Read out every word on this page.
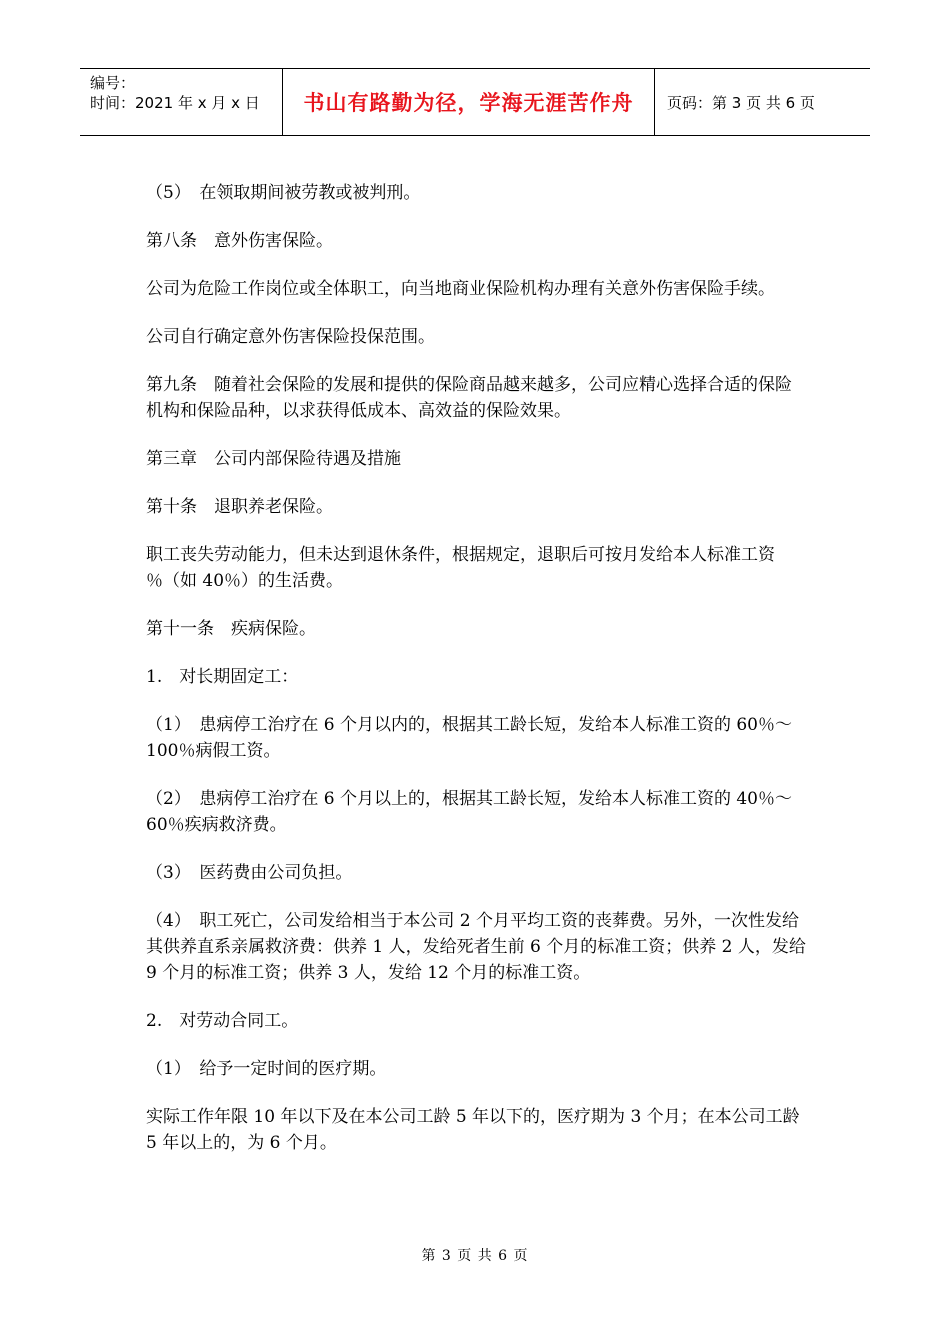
编号：
时间：2021 年 x 月 x 日	书山有路勤为径，学海无涯苦作舟	页码：第 3 页 共 6 页

（5）　在领取期间被劳教或被判刑。

第八条　意外伤害保险。

公司为危险工作岗位或全体职工，向当地商业保险机构办理有关意外伤害保险手续。

公司自行确定意外伤害保险投保范围。

第九条　随着社会保险的发展和提供的保险商品越来越多，公司应精心选择合适的保险机构和保险品种，以求获得低成本、高效益的保险效果。

第三章　公司内部保险待遇及措施

第十条　退职养老保险。

职工丧失劳动能力，但未达到退休条件，根据规定，退职后可按月发给本人标准工资　％（如 40％）的生活费。

第十一条　疾病保险。

1.　对长期固定工：

（1）　患病停工治疗在 6 个月以内的，根据其工龄长短，发给本人标准工资的 60％～100％病假工资。

（2）　患病停工治疗在 6 个月以上的，根据其工龄长短，发给本人标准工资的 40％～60％疾病救济费。

（3）　医药费由公司负担。

（4）　职工死亡，公司发给相当于本公司 2 个月平均工资的丧葬费。另外，一次性发给其供养直系亲属救济费：供养 1 人，发给死者生前 6 个月的标准工资；供养 2 人，发给 9 个月的标准工资；供养 3 人，发给 12 个月的标准工资。

2.　对劳动合同工。

（1）　给予一定时间的医疗期。

实际工作年限 10 年以下及在本公司工龄 5 年以下的，医疗期为 3 个月；在本公司工龄 5 年以上的，为 6 个月。

第 3 页 共 6 页
